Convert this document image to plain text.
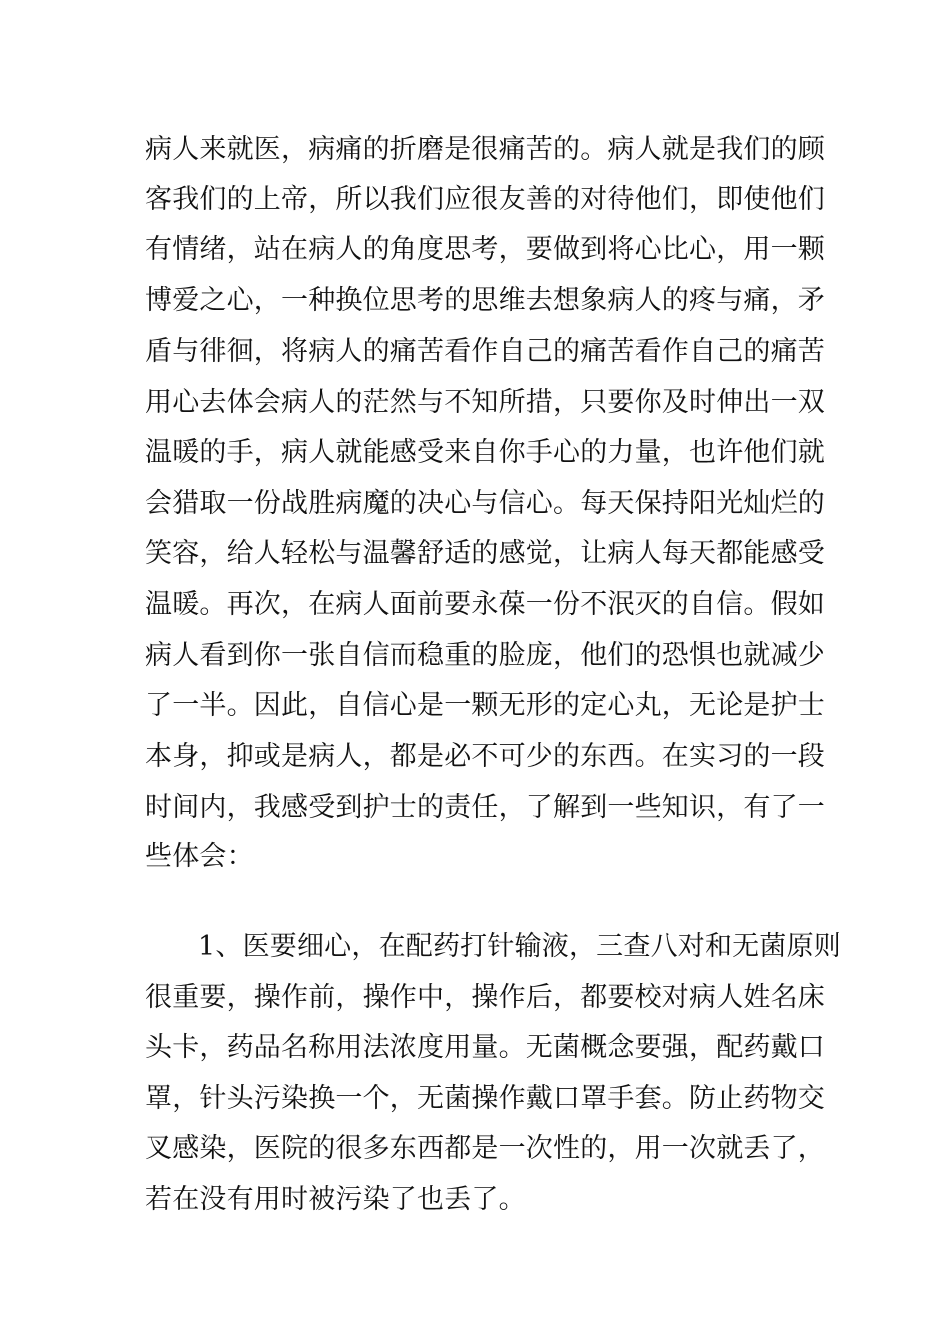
病人来就医，病痛的折磨是很痛苦的。病人就是我们的顾

客我们的上帝，所以我们应很友善的对待他们，即使他们

有情绪，站在病人的角度思考，要做到将心比心，用一颗

博爱之心，一种换位思考的思维去想象病人的疼与痛，矛

盾与徘徊，将病人的痛苦看作自己的痛苦看作自己的痛苦

用心去体会病人的茫然与不知所措，只要你及时伸出一双

温暖的手，病人就能感受来自你手心的力量，也许他们就

会猎取一份战胜病魔的决心与信心。每天保持阳光灿烂的

笑容，给人轻松与温馨舒适的感觉，让病人每天都能感受

温暖。再次，在病人面前要永葆一份不泯灭的自信。假如

病人看到你一张自信而稳重的脸庞，他们的恐惧也就减少

了一半。因此，自信心是一颗无形的定心丸，无论是护士

本身，抑或是病人，都是必不可少的东西。在实习的一段

时间内，我感受到护士的责任，了解到一些知识，有了一

些体会：

1、医要细心，在配药打针输液，三查八对和无菌原则

很重要，操作前，操作中，操作后，都要校对病人姓名床

头卡，药品名称用法浓度用量。无菌概念要强，配药戴口

罩，针头污染换一个，无菌操作戴口罩手套。防止药物交

叉感染，医院的很多东西都是一次性的，用一次就丢了，

若在没有用时被污染了也丢了。
